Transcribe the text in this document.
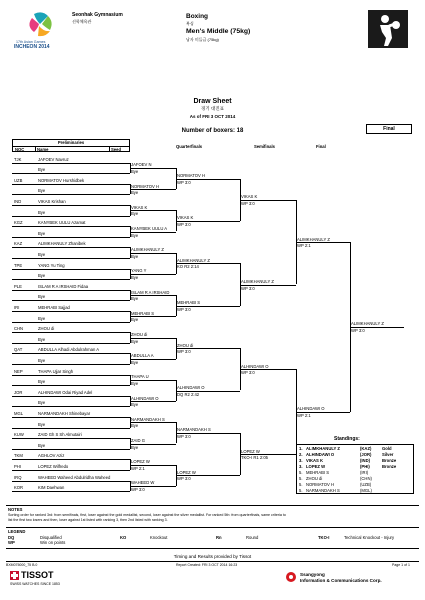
17th Asian Games
INCHEON 2014
Seonhak Gymnasium
선학체육관
Boxing
복싱
Men's Middle (75kg)
남자 미들급 (75kg)
Draw Sheet
경기 대진표
As of FRI 3 OCT 2014
Number of boxers: 18	Final
Preliminaries
NOC	Name	Seed
Quarterfinals	Semifinals	Final
TJK	JAFOEV Navruz
Bye
UZB	NORMATOV Hurshidbek
Bye
IND	VIKAS Krishan
Bye
KGZ	KANYBEK UULU Azamat
Bye
KAZ	ALIMKHANULY Zhanibek
Bye
TPE	YANG Yu Ting
Bye
PLE	ISLAM R A IRSHAID Fidaa
Bye
IRI	MEHRABI Sajjad
Bye
CHN	ZHOU di
Bye
QAT	ABDULLA Alhadi Abdulrahman A
Bye
NEP	THAPA Ujjar Singh
Bye
JOR	ALHINDAWI Odai Riyad Adel
Bye
MGL	NARMANDAKH Shinebayar
Bye
KUW	ZAID Gh S Sh Almutairi
Bye
TKM	AGHLOV Aziz
PHI	LOPEZ Wilfredo
IRQ	WAHEED Waheed Abdulridha Waheed
KOR	KIM Daehwan
JAFOEV N
Bye
NORMATOV H
Bye
VIKAS K
Bye
KANYBEK UULU A
Bye
ALIMKHANULY Z
Bye
YANG Y
Bye
ISLAM R A IRSHAID
Bye
MEHRABI S
Bye
ZHOU di
Bye
ABDULLA A
Bye
THAPA U
Bye
ALHINDAWI O
Bye
NARMANDAKH S
Bye
ZAID G
Bye
LOPEZ W
WP 2:1
WAHEED W
WP 3:0
NORMATOV H
WP 3:0
VIKAS K
WP 3:0
ALIMKHANULY Z
KO R2 2:14
MEHRABI S
WP 3:0
ZHOU di
WP 3:0
ALHINDAWI O
DQ R2 2:42
NARMANDAKH S
WP 3:0
LOPEZ W
WP 3:0
VIKAS K
WP 3:0
ALIMKHANULY Z
WP 3:0
ALHINDAWI O
WP 3:0
LOPEZ W
TKO-I R1 2:05
ALIMKHANULY Z
WP 2:1
ALHINDAWI O
WP 2:1
ALIMKHANULY Z
WP 3:0
Standings:
1. ALIMKHANULY Z	(KAZ)	Gold
2. ALHINDAWI O	(JOR)	Silver
3. VIKAS K	(IND)	Bronze
3. LOPEZ W	(PHI)	Bronze
5. MEHRABI S	(IRI)
5. ZHOU di	(CHN)
5. NORMATOV H	(UZB)
5. NARMANDAKH S	(MGL)
NOTES
Sorting order for ranked 3rd: from semifinals, first, loser against the gold medallist, second, loser against the silver medallist. For ranked 5th: from quarterfinals, same criteria to
list the first two losers and then, loser against 1st listed with ranking 3, then 2nd listed with ranking 3.
LEGEND
DQ	Disqualified	KO	Knockout	Rn	Round	TKO-I	Technical Knockout - Injury
WP	Win on points
Timing and Results provided by Tissot
BXM075000_75 B.0	Report Created: FRI 3 OCT 2014 16:23	Page 1 of 1
TISSOT
SWISS WATCHES SINCE 1853
Ssangyong
Information & Communications Corp.
